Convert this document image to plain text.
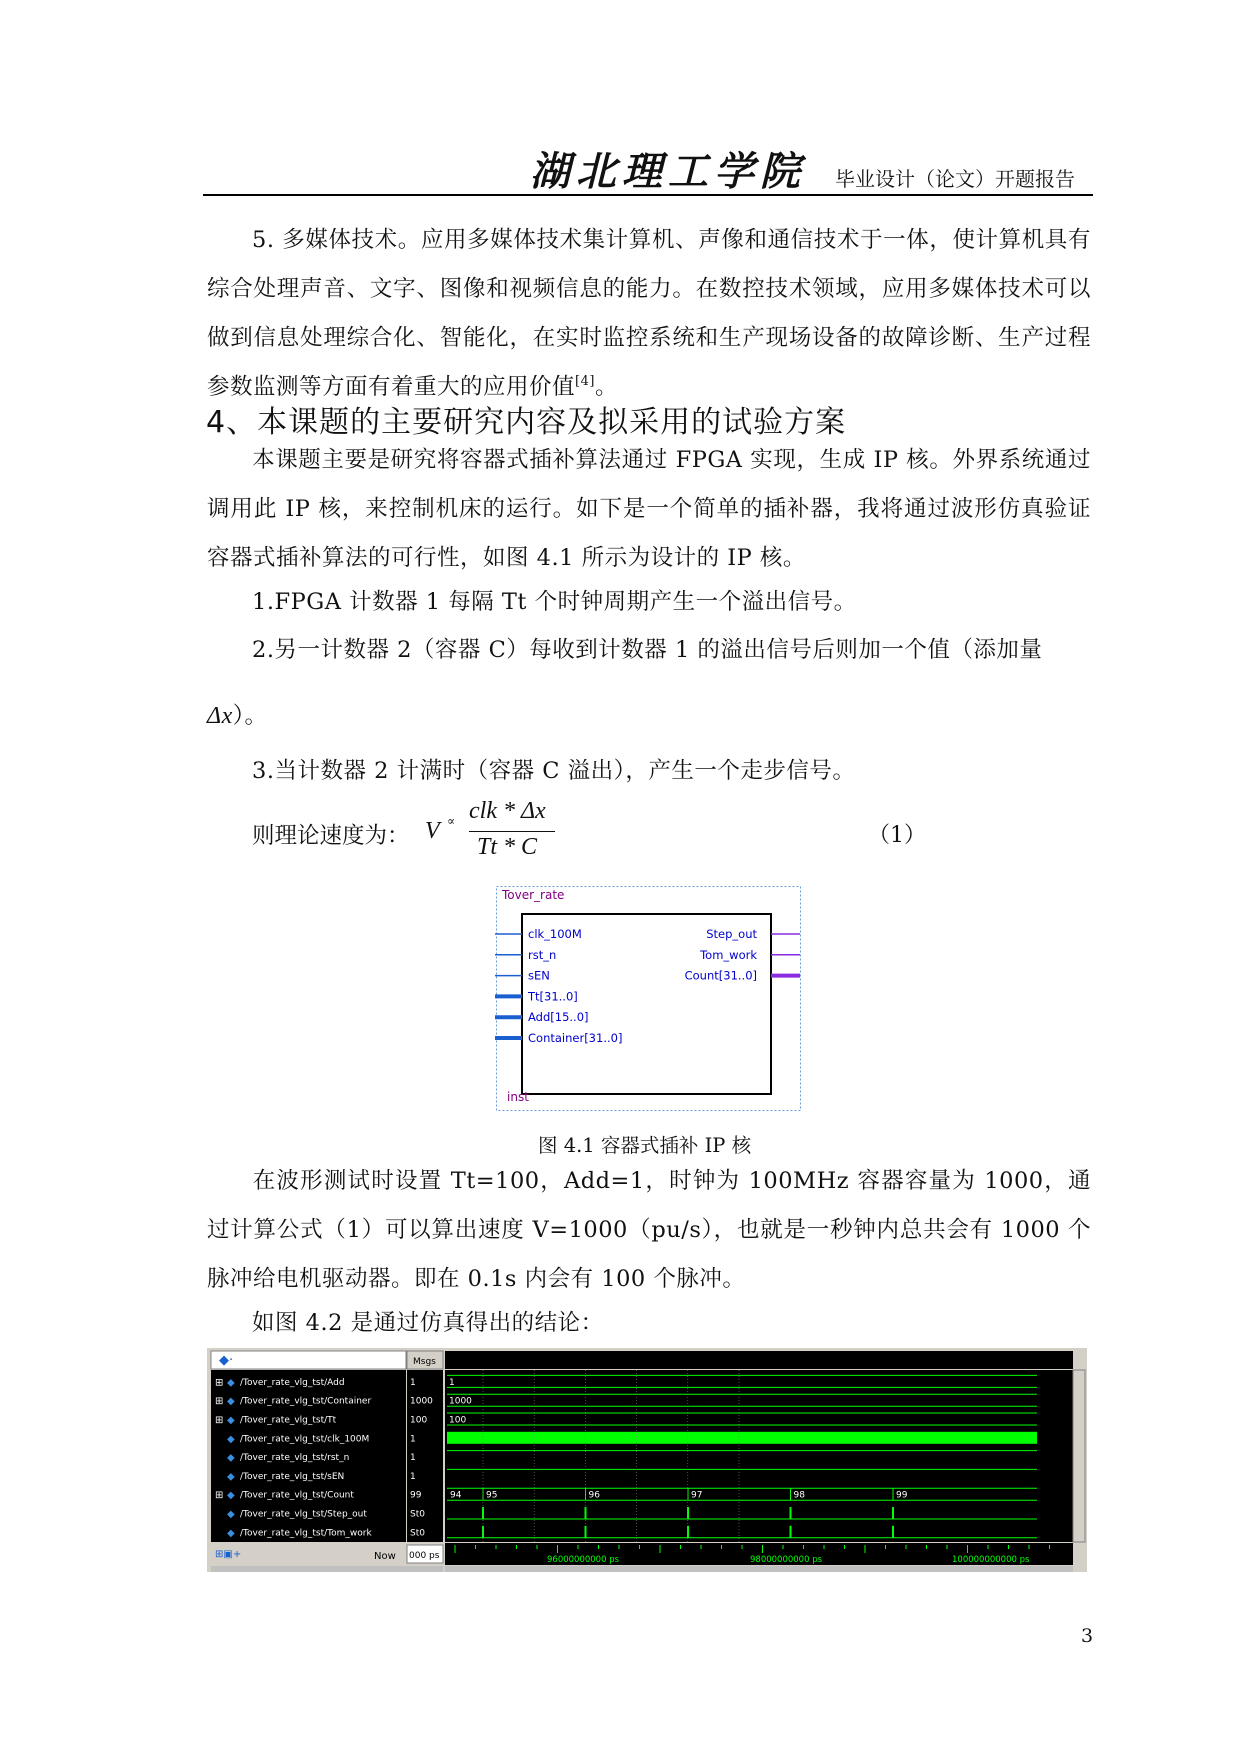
湖北理工学院 毕业设计（论文）开题报告
5. 多媒体技术。应用多媒体技术集计算机、声像和通信技术于一体，使计算机具有综合处理声音、文字、图像和视频信息的能力。在数控技术领域，应用多媒体技术可以做到信息处理综合化、智能化，在实时监控系统和生产现场设备的故障诊断、生产过程参数监测等方面有着重大的应用价值[4]。
4、本课题的主要研究内容及拟采用的试验方案
本课题主要是研究将容器式插补算法通过 FPGA 实现，生成 IP 核。外界系统通过调用此 IP 核，来控制机床的运行。如下是一个简单的插补器，我将通过波形仿真验证容器式插补算法的可行性，如图 4.1 所示为设计的 IP 核。
1.FPGA 计数器 1 每隔 Tt 个时钟周期产生一个溢出信号。
2.另一计数器 2（容器 C）每收到计数器 1 的溢出信号后则加一个值（添加量
Δx）。
3.当计数器 2 计满时（容器 C 溢出），产生一个走步信号。
则理论速度为： V ∝ clk * Δx
Tt * C	（1）
Tover_rate
clk_100M
rst_n
sEN
Tt[31..0]
Add[15..0]
Container[31..0]
Step_out
Tom_work
Count[31..0]
inst
图 4.1 容器式插补 IP 核
在波形测试时设置 Tt=100，Add=1，时钟为 100MHz 容器容量为 1000，通过计算公式（1）可以算出速度 V=1000（pu/s），也就是一秒钟内总共会有 1000 个脉冲给电机驱动器。即在 0.1s 内会有 100 个脉冲。
如图 4.2 是通过仿真得出的结论：
◆·	Msgs
⊞ ◆ /Tover_rate_vlg_tst/Add	1	1
⊞ ◆ /Tover_rate_vlg_tst/Container	1000 1000
⊞ ◆ /Tover_rate_vlg_tst/Tt	100 100
◆ /Tover_rate_vlg_tst/clk_100M	1
◆ /Tover_rate_vlg_tst/rst_n	1
◆ /Tover_rate_vlg_tst/sEN	1
⊞ ◆ /Tover_rate_vlg_tst/Count	99	94	95	96	97	98	99
◆ /Tover_rate_vlg_tst/Step_out	St0
◆ /Tover_rate_vlg_tst/Tom_work	St0
⊞▣+	Now 000 ps	96000000000 ps	98000000000 ps	100000000000 ps
3
